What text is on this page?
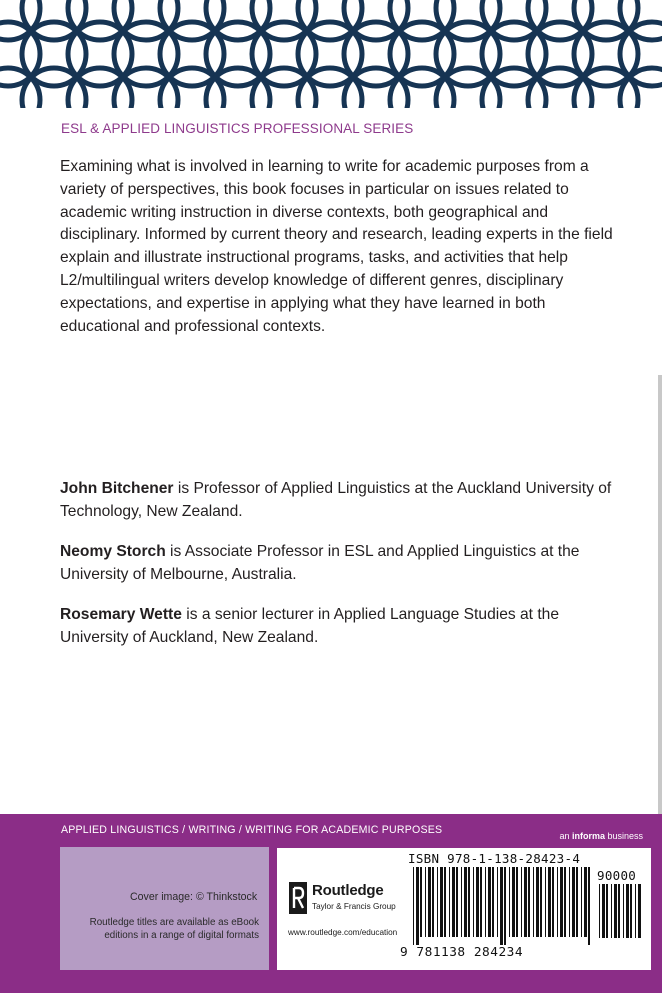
ESL & APPLIED LINGUISTICS PROFESSIONAL SERIES

Examining what is involved in learning to write for academic purposes from a variety of perspectives, this book focuses in particular on issues related to academic writing instruction in diverse contexts, both geographical and disciplinary. Informed by current theory and research, leading experts in the field explain and illustrate instructional programs, tasks, and activities that help L2/multilingual writers develop knowledge of different genres, disciplinary expectations, and expertise in applying what they have learned in both educational and professional contexts.

John Bitchener is Professor of Applied Linguistics at the Auckland University of Technology, New Zealand.

Neomy Storch is Associate Professor in ESL and Applied Linguistics at the University of Melbourne, Australia.

Rosemary Wette is a senior lecturer in Applied Language Studies at the University of Auckland, New Zealand.

APPLIED LINGUISTICS / WRITING / WRITING FOR ACADEMIC PURPOSES	an informa business
Cover image: © Thinkstock
Routledge titles are available as eBook editions in a range of digital formats
Routledge
Taylor & Francis Group
www.routledge.com/education
ISBN 978-1-138-28423-4
90000
9 781138 284234
